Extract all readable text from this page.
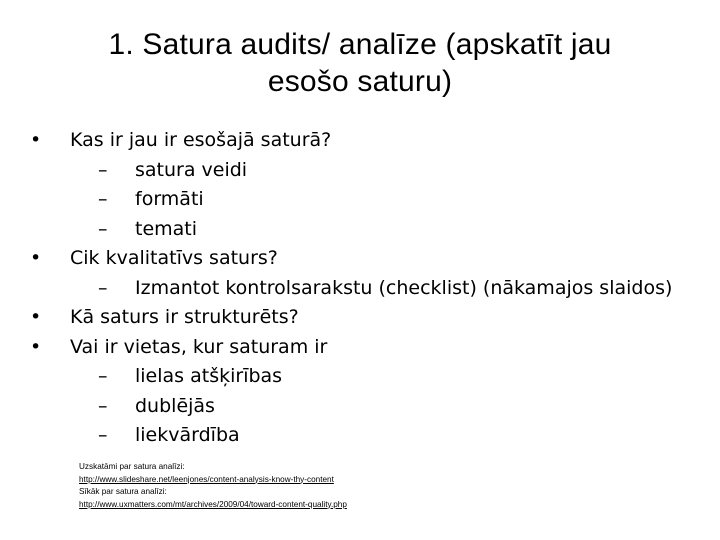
1. Satura audits/ analīze (apskatīt jau
esošo saturu)
• Kas ir jau ir esošajā saturā?
– satura veidi
– formāti
– temati
• Cik kvalitatīvs saturs?
– Izmantot kontrolsarakstu (checklist) (nākamajos slaidos)
• Kā saturs ir strukturēts?
• Vai ir vietas, kur saturam ir
– lielas atšķirības
– dublējās
– liekvārdība
Uzskatāmi par satura analīzi:
http://www.slideshare.net/leenjones/content-analysis-know-thy-content
Sīkāk par satura analīzi:
http://www.uxmatters.com/mt/archives/2009/04/toward-content-quality.php
